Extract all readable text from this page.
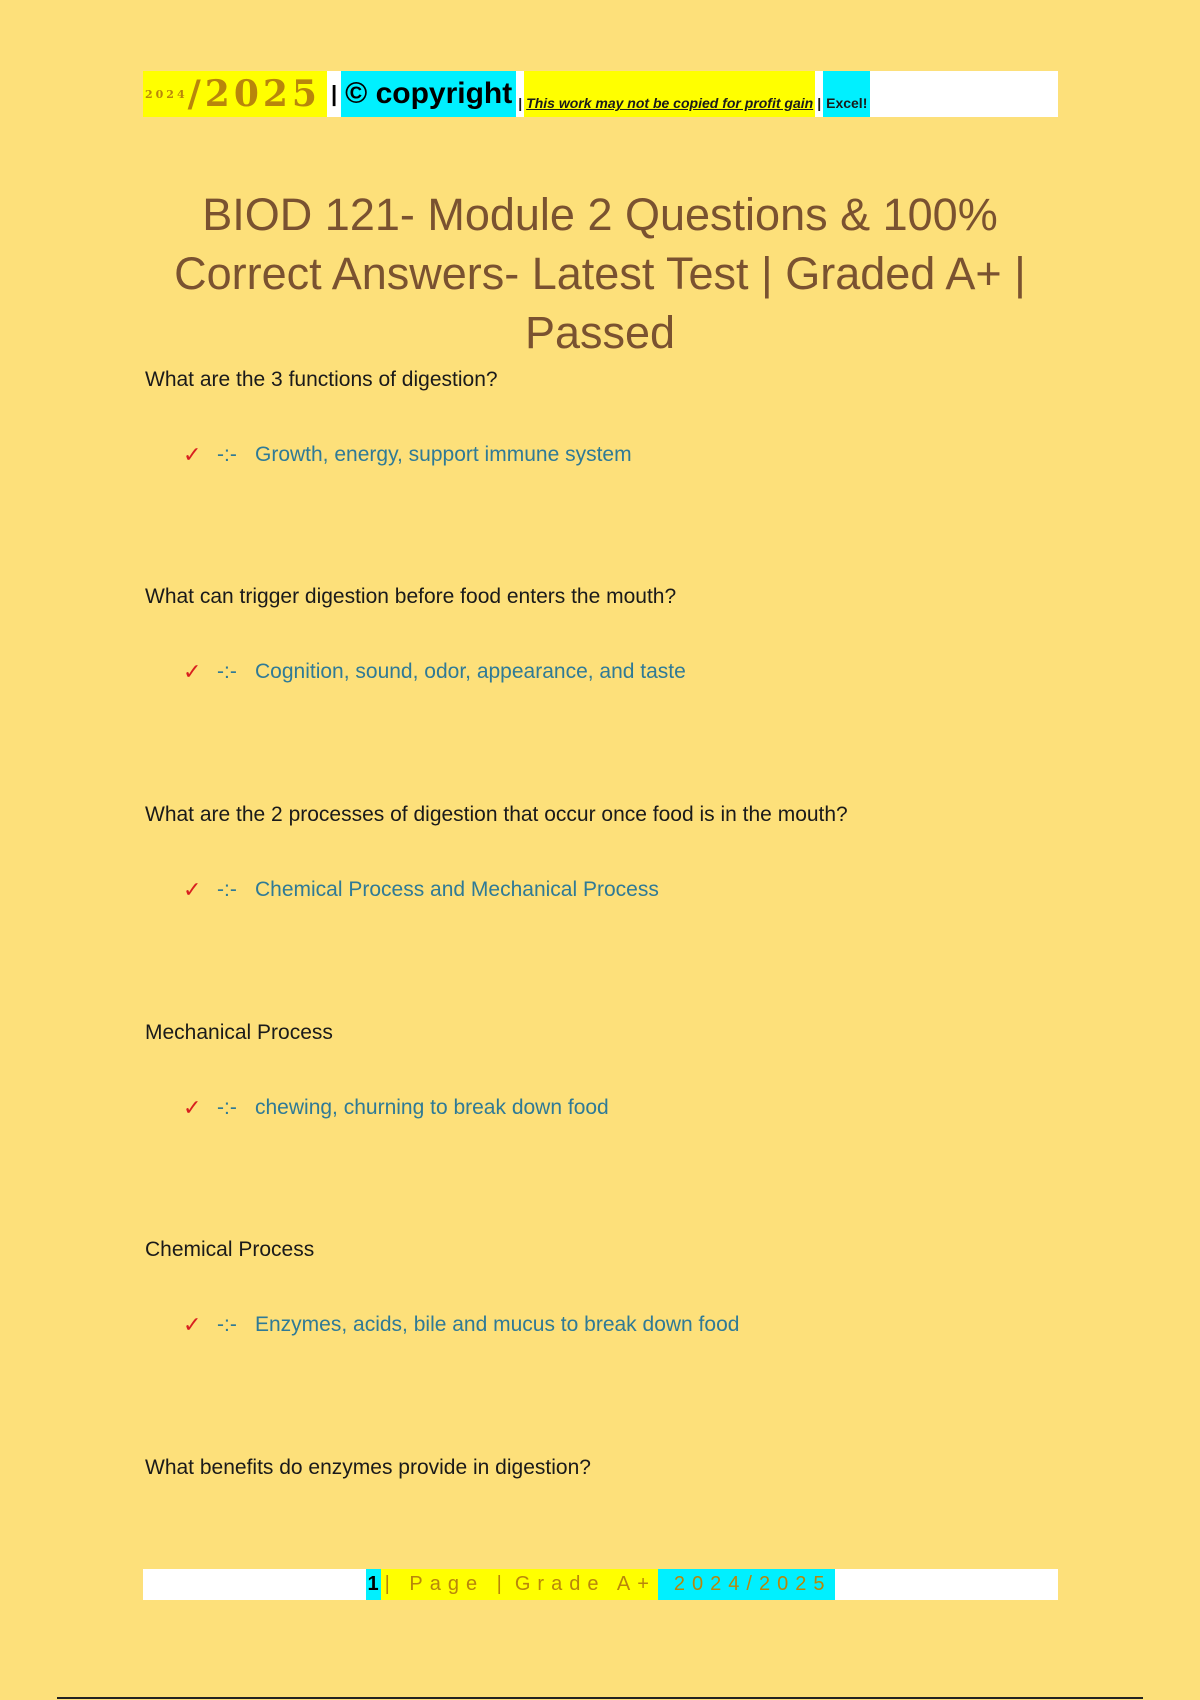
2024 /2025 | © copyright | This work may not be copied for profit gain | Excel!
BIOD 121- Module 2 Questions & 100% Correct Answers- Latest Test | Graded A+ | Passed

What are the 3 functions of digestion?

✓ -:- Growth, energy, support immune system

What can trigger digestion before food enters the mouth?

✓ -:- Cognition, sound, odor, appearance, and taste

What are the 2 processes of digestion that occur once food is in the mouth?

✓ -:- Chemical Process and Mechanical Process

Mechanical Process

✓ -:- chewing, churning to break down food

Chemical Process

✓ -:- Enzymes, acids, bile and mucus to break down food

What benefits do enzymes provide in digestion?

1 | Page | Grade A+ 2024/2025
